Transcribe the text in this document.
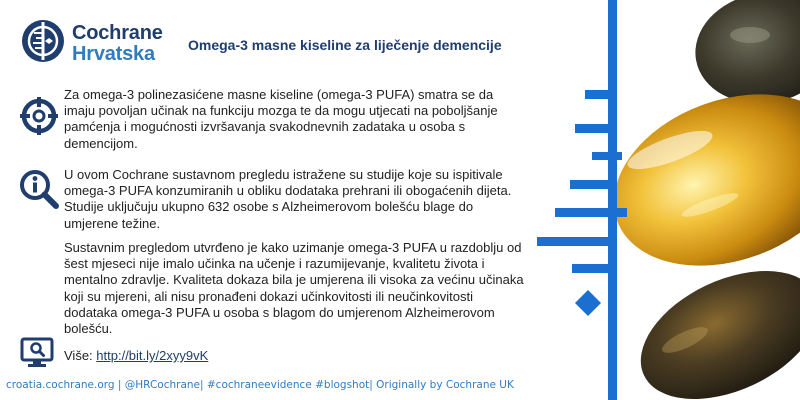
Cochrane
Hrvatska Omega-3 masne kiseline za liječenje demencije
Za omega-3 polinezasićene masne kiseline (omega-3 PUFA) smatra se da imaju povoljan učinak na funkciju mozga te da mogu utjecati na poboljšanje pamćenja i mogućnosti izvršavanja svakodnevnih zadataka u osoba s demencijom.
U ovom Cochrane sustavnom pregledu istražene su studije koje su ispitivale omega-3 PUFA konzumiranih u obliku dodataka prehrani ili obogaćenih dijeta. Studije uključuju ukupno 632 osobe s Alzheimerovom bolešću blage do umjerene težine.
Sustavnim pregledom utvrđeno je kako uzimanje omega-3 PUFA u razdoblju od šest mjeseci nije imalo učinka na učenje i razumijevanje, kvalitetu života i mentalno zdravlje. Kvaliteta dokaza bila je umjerena ili visoka za većinu učinaka koji su mjereni, ali nisu pronađeni dokazi učinkovitosti ili neučinkovitosti dodataka omega-3 PUFA u osoba s blagom do umjerenom Alzheimerovom bolešću.
Više: http://bit.ly/2xyy9vK
croatia.cochrane.org | @HRCochrane| #cochraneevidence #blogshot| Originally by Cochrane UK
